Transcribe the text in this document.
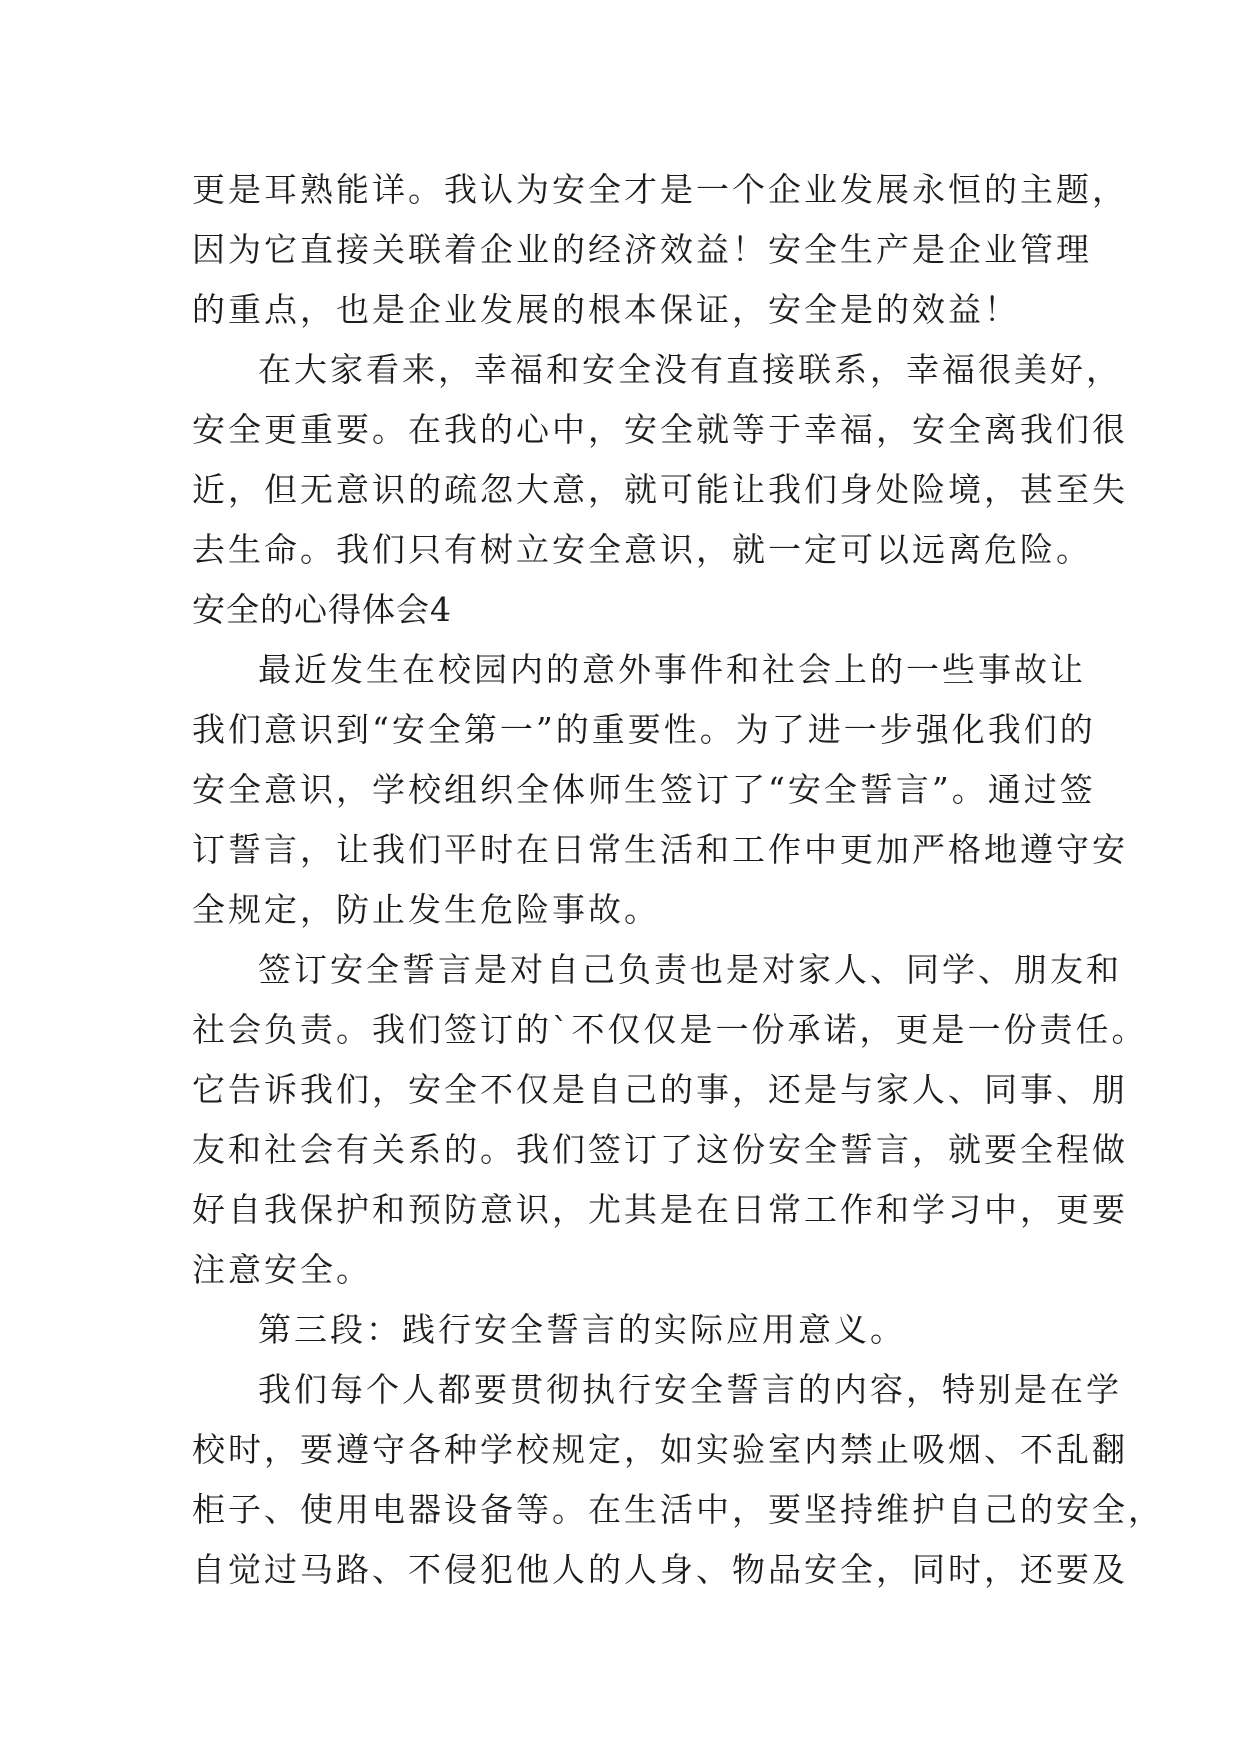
更是耳熟能详。我认为安全才是一个企业发展永恒的主题，
因为它直接关联着企业的经济效益！安全生产是企业管理
的重点，也是企业发展的根本保证，安全是的效益！
在大家看来，幸福和安全没有直接联系，幸福很美好，
安全更重要。在我的心中，安全就等于幸福，安全离我们很
近，但无意识的疏忽大意，就可能让我们身处险境，甚至失
去生命。我们只有树立安全意识，就一定可以远离危险。
安全的心得体会4
最近发生在校园内的意外事件和社会上的一些事故让
我们意识到“安全第一”的重要性。为了进一步强化我们的
安全意识，学校组织全体师生签订了“安全誓言”。通过签
订誓言，让我们平时在日常生活和工作中更加严格地遵守安
全规定，防止发生危险事故。
签订安全誓言是对自己负责也是对家人、同学、朋友和
社会负责。我们签订的`不仅仅是一份承诺，更是一份责任。
它告诉我们，安全不仅是自己的事，还是与家人、同事、朋
友和社会有关系的。我们签订了这份安全誓言，就要全程做
好自我保护和预防意识，尤其是在日常工作和学习中，更要
注意安全。
第三段：践行安全誓言的实际应用意义。
我们每个人都要贯彻执行安全誓言的内容，特别是在学
校时，要遵守各种学校规定，如实验室内禁止吸烟、不乱翻
柜子、使用电器设备等。在生活中，要坚持维护自己的安全，
自觉过马路、不侵犯他人的人身、物品安全，同时，还要及
